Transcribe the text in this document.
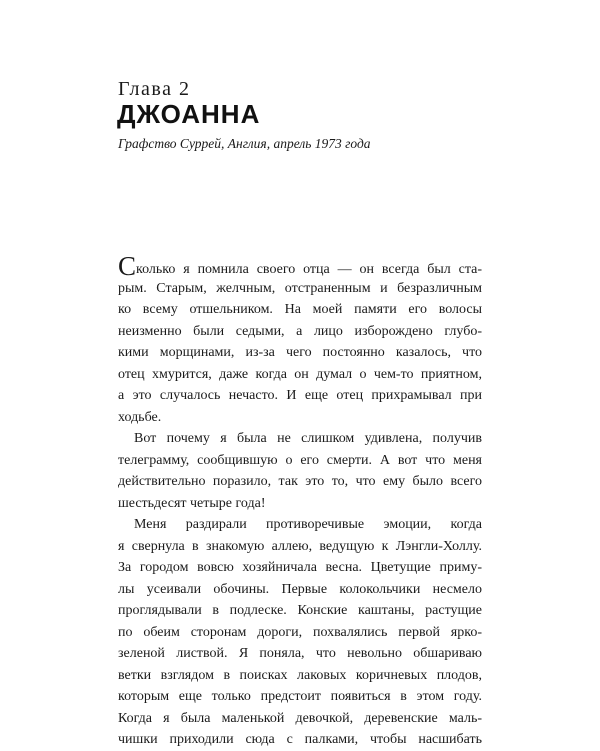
Глава 2
ДЖОАННА
Графство Суррей, Англия, апрель 1973 года
Сколько я помнила своего отца — он всегда был ста-
рым. Старым, желчным, отстраненным и безразличным
ко всему отшельником. На моей памяти его волосы
неизменно были седыми, а лицо изборождено глубо-
кими морщинами, из-за чего постоянно казалось, что
отец хмурится, даже когда он думал о чем-то приятном,
а это случалось нечасто. И еще отец прихрамывал при
ходьбе.
Вот почему я была не слишком удивлена, получив
телеграмму, сообщившую о его смерти. А вот что меня
действительно поразило, так это то, что ему было всего
шестьдесят четыре года!
Меня раздирали противоречивые эмоции, когда
я свернула в знакомую аллею, ведущую к Лэнгли-Холлу.
За городом вовсю хозяйничала весна. Цветущие приму-
лы усеивали обочины. Первые колокольчики несмело
проглядывали в подлеске. Конские каштаны, растущие
по обеим сторонам дороги, похвалялись первой ярко-
зеленой листвой. Я поняла, что невольно обшариваю
ветки взглядом в поисках лаковых коричневых плодов,
которым еще только предстоит появиться в этом году.
Когда я была маленькой девочкой, деревенские маль-
чишки приходили сюда с палками, чтобы насшибать
